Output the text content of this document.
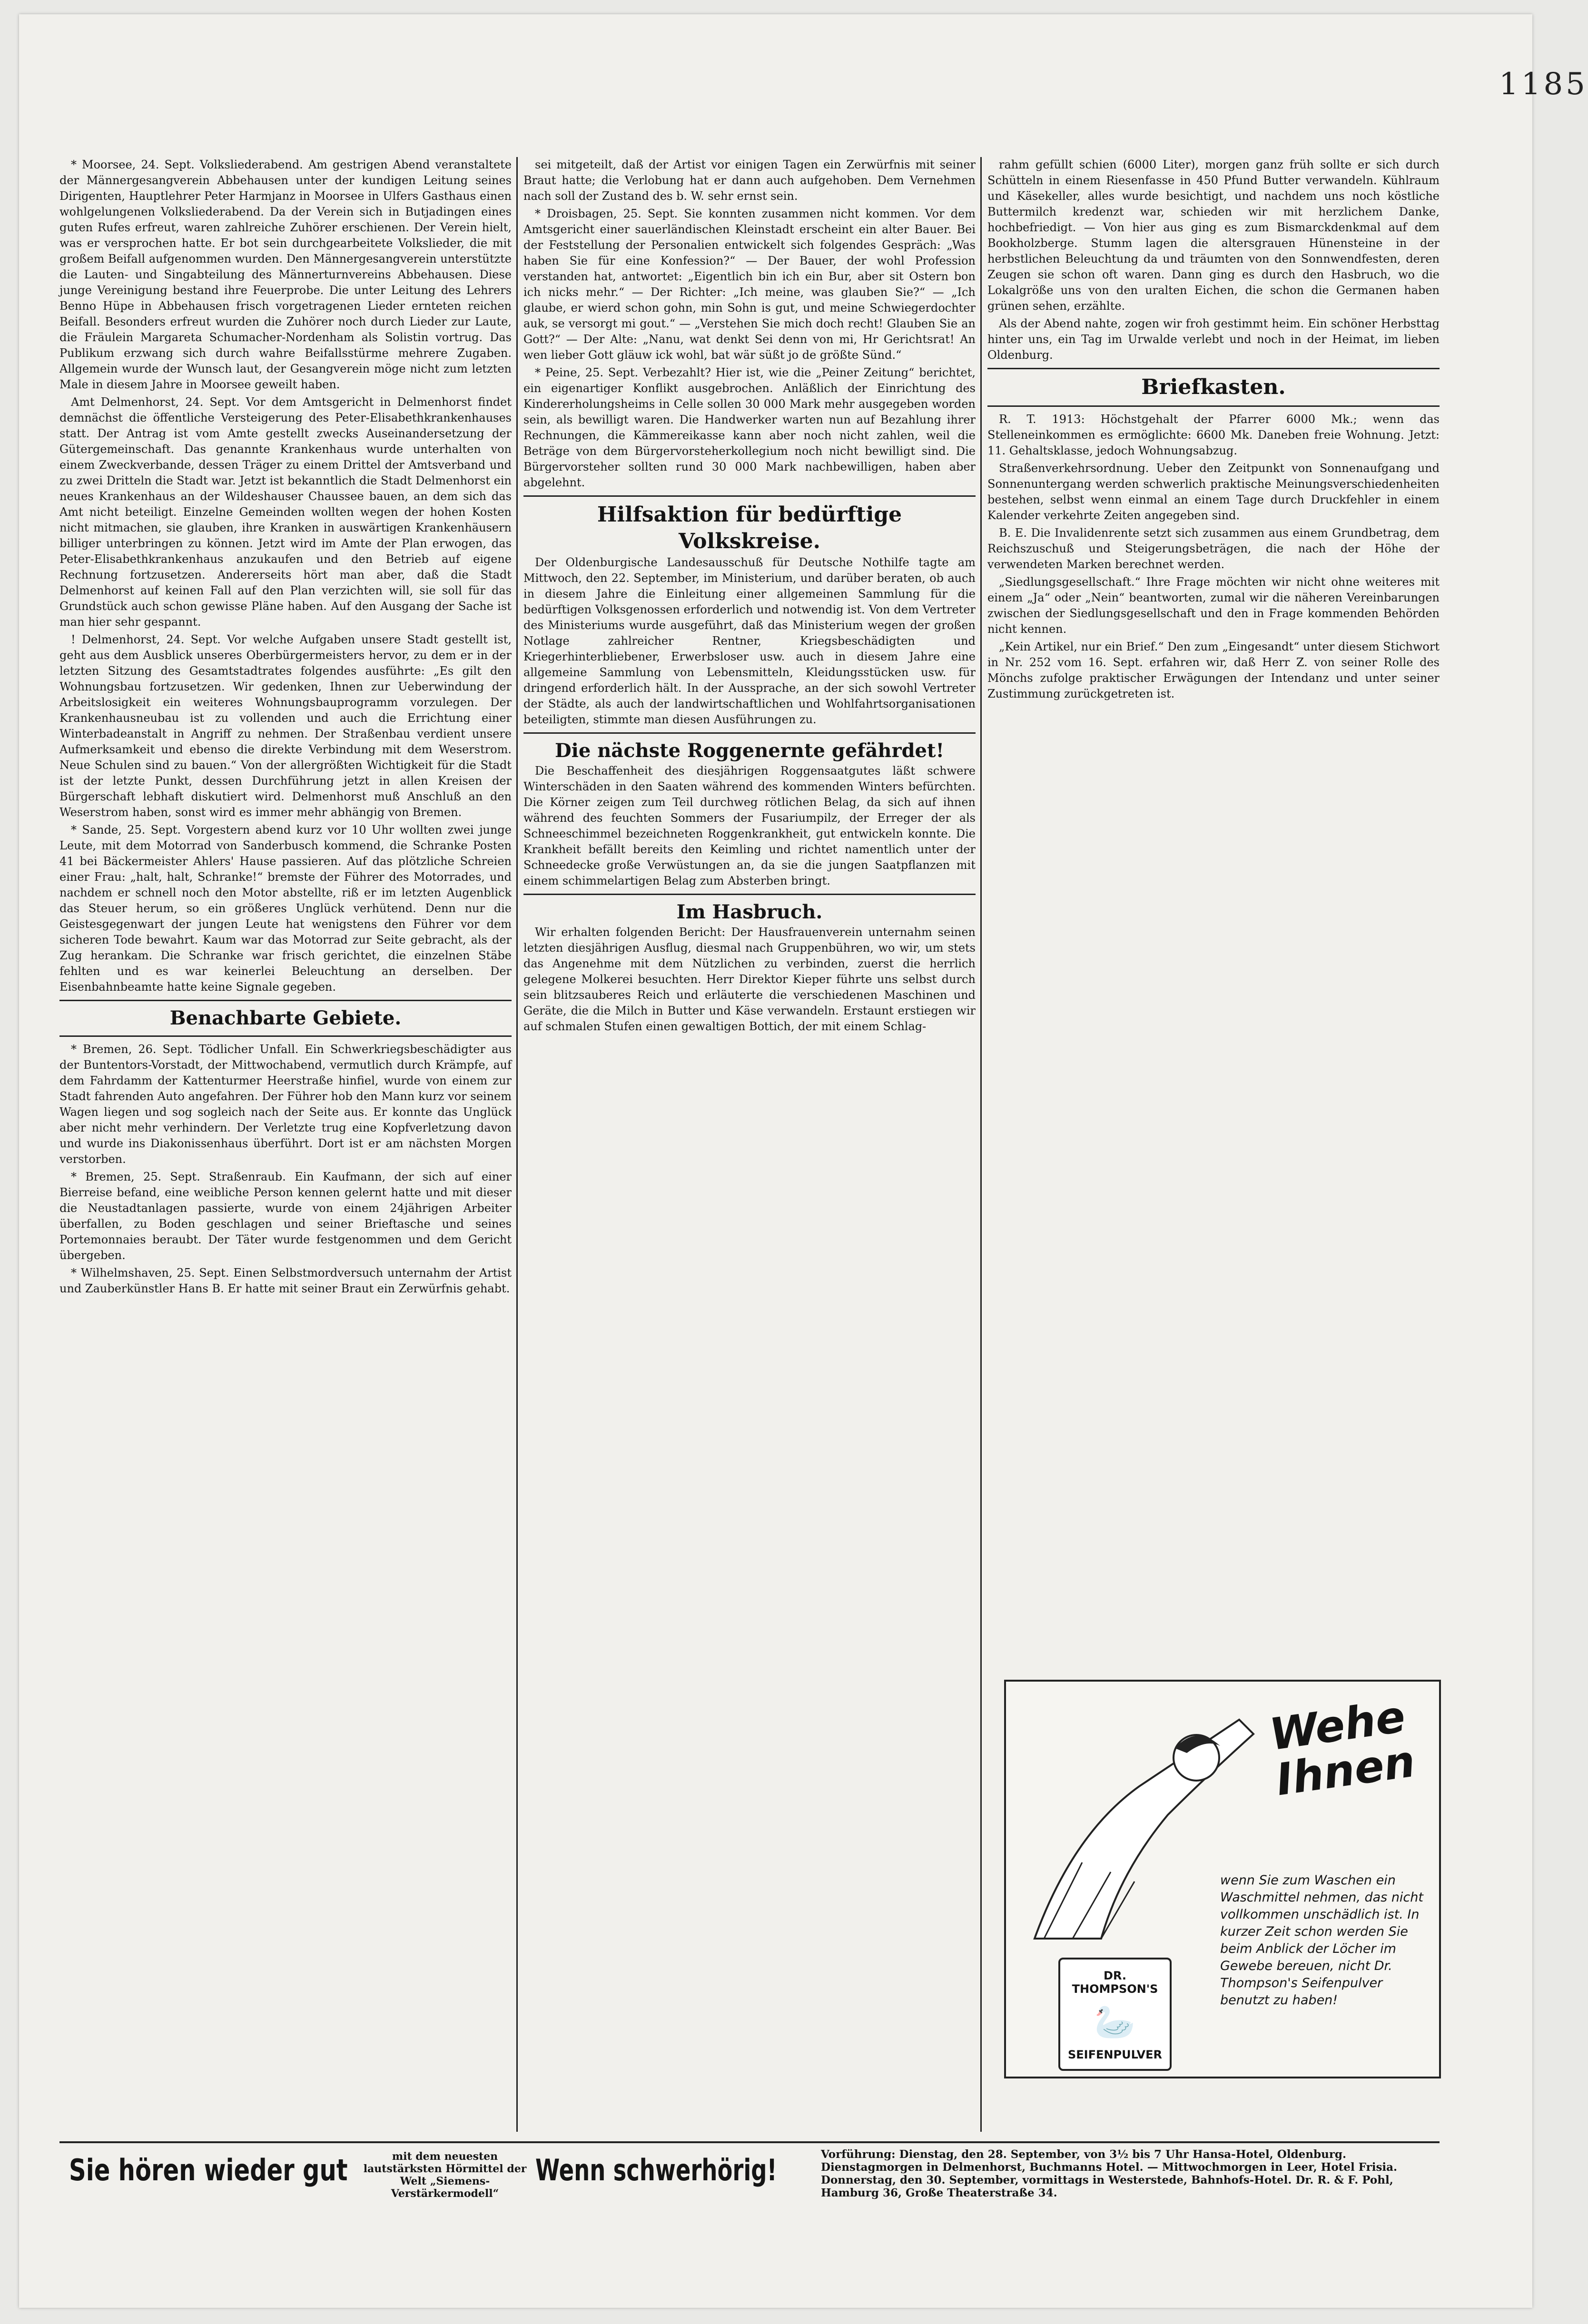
1185

* Moorsee, 24. Sept. Volksliederabend. Am gestrigen Abend veranstaltete der Männergesangverein Abbehausen unter der kundigen Leitung seines Dirigenten, Hauptlehrer Peter Harmjanz in Moorsee in Ulfers Gasthaus einen wohlgelungenen Volksliederabend. Da der Verein sich in Butjadingen eines guten Rufes erfreut, waren zahlreiche Zuhörer erschienen. Der Verein hielt, was er versprochen hatte. Er bot sein durchgearbeitete Volkslieder, die mit großem Beifall aufgenommen wurden. Den Männergesangverein unterstützte die Lauten- und Singabteilung des Männerturnvereins Abbehausen. Diese junge Vereinigung bestand ihre Feuerprobe. Die unter Leitung des Lehrers Benno Hüpe in Abbehausen frisch vorgetragenen Lieder ernteten reichen Beifall. Besonders erfreut wurden die Zuhörer noch durch Lieder zur Laute, die Fräulein Margareta Schumacher-Nordenham als Solistin vortrug. Das Publikum erzwang sich durch wahre Beifallsstürme mehrere Zugaben. Allgemein wurde der Wunsch laut, der Gesangverein möge nicht zum letzten Male in diesem Jahre in Moorsee geweilt haben.

Amt Delmenhorst, 24. Sept. Vor dem Amtsgericht in Delmenhorst findet demnächst die öffentliche Versteigerung des Peter-Elisabethkrankenhauses statt. Der Antrag ist vom Amte gestellt zwecks Auseinandersetzung der Gütergemeinschaft. Das genannte Krankenhaus wurde unterhalten von einem Zweckverbande, dessen Träger zu einem Drittel der Amtsverband und zu zwei Dritteln die Stadt war. Jetzt ist bekanntlich die Stadt Delmenhorst ein neues Krankenhaus an der Wildeshauser Chaussee bauen, an dem sich das Amt nicht beteiligt. Einzelne Gemeinden wollten wegen der hohen Kosten nicht mitmachen, sie glauben, ihre Kranken in auswärtigen Krankenhäusern billiger unterbringen zu können. Jetzt wird im Amte der Plan erwogen, das Peter-Elisabethkrankenhaus anzukaufen und den Betrieb auf eigene Rechnung fortzusetzen. Andererseits hört man aber, daß die Stadt Delmenhorst auf keinen Fall auf den Plan verzichten will, sie soll für das Grundstück auch schon gewisse Pläne haben. Auf den Ausgang der Sache ist man hier sehr gespannt.

! Delmenhorst, 24. Sept. Vor welche Aufgaben unsere Stadt gestellt ist, geht aus dem Ausblick unseres Oberbürgermeisters hervor, zu dem er in der letzten Sitzung des Gesamtstadtrates folgendes ausführte: „Es gilt den Wohnungsbau fortzusetzen. Wir gedenken, Ihnen zur Ueberwindung der Arbeitslosigkeit ein weiteres Wohnungsbauprogramm vorzulegen. Der Krankenhausneubau ist zu vollenden und auch die Errichtung einer Winterbadeanstalt in Angriff zu nehmen. Der Straßenbau verdient unsere Aufmerksamkeit und ebenso die direkte Verbindung mit dem Weserstrom. Neue Schulen sind zu bauen.“ Von der allergrößten Wichtigkeit für die Stadt ist der letzte Punkt, dessen Durchführung jetzt in allen Kreisen der Bürgerschaft lebhaft diskutiert wird. Delmenhorst muß Anschluß an den Weserstrom haben, sonst wird es immer mehr abhängig von Bremen.

* Sande, 25. Sept. Vorgestern abend kurz vor 10 Uhr wollten zwei junge Leute, mit dem Motorrad von Sanderbusch kommend, die Schranke Posten 41 bei Bäckermeister Ahlers' Hause passieren. Auf das plötzliche Schreien einer Frau: „halt, halt, Schranke!“ bremste der Führer des Motorrades, und nachdem er schnell noch den Motor abstellte, riß er im letzten Augenblick das Steuer herum, so ein größeres Unglück verhütend. Denn nur die Geistesgegenwart der jungen Leute hat wenigstens den Führer vor dem sicheren Tode bewahrt. Kaum war das Motorrad zur Seite gebracht, als der Zug herankam. Die Schranke war frisch gerichtet, die einzelnen Stäbe fehlten und es war keinerlei Beleuchtung an derselben. Der Eisenbahnbeamte hatte keine Signale gegeben.

Benachbarte Gebiete.

* Bremen, 26. Sept. Tödlicher Unfall. Ein Schwerkriegsbeschädigter aus der Buntentors-Vorstadt, der Mittwochabend, vermutlich durch Krämpfe, auf dem Fahrdamm der Kattenturmer Heerstraße hinfiel, wurde von einem zur Stadt fahrenden Auto angefahren. Der Führer hob den Mann kurz vor seinem Wagen liegen und sog sogleich nach der Seite aus. Er konnte das Unglück aber nicht mehr verhindern. Der Verletzte trug eine Kopfverletzung davon und wurde ins Diakonissenhaus überführt. Dort ist er am nächsten Morgen verstorben.

* Bremen, 25. Sept. Straßenraub. Ein Kaufmann, der sich auf einer Bierreise befand, eine weibliche Person kennen gelernt hatte und mit dieser die Neustadtanlagen passierte, wurde von einem 24jährigen Arbeiter überfallen, zu Boden geschlagen und seiner Brieftasche und seines Portemonnaies beraubt. Der Täter wurde festgenommen und dem Gericht übergeben.

* Wilhelmshaven, 25. Sept. Einen Selbstmordversuch unternahm der Artist und Zauberkünstler Hans B. Er hatte mit seiner Braut ein Zerwürfnis gehabt.

sei mitgeteilt, daß der Artist vor einigen Tagen ein Zerwürfnis mit seiner Braut hatte; die Verlobung hat er dann auch aufgehoben. Dem Vernehmen nach soll der Zustand des b. W. sehr ernst sein.

* Droisbagen, 25. Sept. Sie konnten zusammen nicht kommen. Vor dem Amtsgericht einer sauerländischen Kleinstadt erscheint ein alter Bauer. Bei der Feststellung der Personalien entwickelt sich folgendes Gespräch: „Was haben Sie für eine Konfession?“ — Der Bauer, der wohl Profession verstanden hat, antwortet: „Eigentlich bin ich ein Bur, aber sit Ostern bon ich nicks mehr.“ — Der Richter: „Ich meine, was glauben Sie?“ — „Ich glaube, er wierd schon gohn, min Sohn is gut, und meine Schwiegerdochter auk, se versorgt mi gout.“ — „Verstehen Sie mich doch recht! Glauben Sie an Gott?“ — Der Alte: „Nanu, wat denkt Sei denn von mi, Hr Gerichtsrat! An wen lieber Gott gläuw ick wohl, bat wär süßt jo de größte Sünd.“

* Peine, 25. Sept. Verbezahlt? Hier ist, wie die „Peiner Zeitung“ berichtet, ein eigenartiger Konflikt ausgebrochen. Anläßlich der Einrichtung des Kindererholungsheims in Celle sollen 30 000 Mark mehr ausgegeben worden sein, als bewilligt waren. Die Handwerker warten nun auf Bezahlung ihrer Rechnungen, die Kämmereikasse kann aber noch nicht zahlen, weil die Beträge von dem Bürgervorsteherkollegium noch nicht bewilligt sind. Die Bürgervorsteher sollten rund 30 000 Mark nachbewilligen, haben aber abgelehnt.

Hilfsaktion für bedürftige Volkskreise.

Der Oldenburgische Landesausschuß für Deutsche Nothilfe tagte am Mittwoch, den 22. September, im Ministerium, und darüber beraten, ob auch in diesem Jahre die Einleitung einer allgemeinen Sammlung für die bedürftigen Volksgenossen erforderlich und notwendig ist. Von dem Vertreter des Ministeriums wurde ausgeführt, daß das Ministerium wegen der großen Notlage zahlreicher Rentner, Kriegsbeschädigten und Kriegerhinterbliebener, Erwerbsloser usw. auch in diesem Jahre eine allgemeine Sammlung von Lebensmitteln, Kleidungsstücken usw. für dringend erforderlich hält. In der Aussprache, an der sich sowohl Vertreter der Städte, als auch der landwirtschaftlichen und Wohlfahrtsorganisationen beteiligten, stimmte man diesen Ausführungen zu.

Die nächste Roggenernte gefährdet!

Die Beschaffenheit des diesjährigen Roggensaatgutes läßt schwere Winterschäden in den Saaten während des kommenden Winters befürchten. Die Körner zeigen zum Teil durchweg rötlichen Belag, da sich auf ihnen während des feuchten Sommers der Fusariumpilz, der Erreger der als Schneeschimmel bezeichneten Roggenkrankheit, gut entwickeln konnte. Die Krankheit befällt bereits den Keimling und richtet namentlich unter der Schneedecke große Verwüstungen an, da sie die jungen Saatpflanzen mit einem schimmelartigen Belag zum Absterben bringt.

Im Hasbruch.

Wir erhalten folgenden Bericht: Der Hausfrauenverein unternahm seinen letzten diesjährigen Ausflug, diesmal nach Gruppenbühren, wo wir, um stets das Angenehme mit dem Nützlichen zu verbinden, zuerst die herrlich gelegene Molkerei besuchten. Herr Direktor Kieper führte uns selbst durch sein blitzsauberes Reich und erläuterte die verschiedenen Maschinen und Geräte, die die Milch in Butter und Käse verwandeln. Erstaunt erstiegen wir auf schmalen Stufen einen gewaltigen Bottich, der mit einem Schlag-

rahm gefüllt schien (6000 Liter), morgen ganz früh sollte er sich durch Schütteln in einem Riesenfasse in 450 Pfund Butter verwandeln. Kühlraum und Käsekeller, alles wurde besichtigt, und nachdem uns noch köstliche Buttermilch kredenzt war, schieden wir mit herzlichem Danke, hochbefriedigt. — Von hier aus ging es zum Bismarckdenkmal auf dem Bookholzberge. Stumm lagen die altersgrauen Hünensteine in der herbstlichen Beleuchtung da und träumten von den Sonnwendfesten, deren Zeugen sie schon oft waren. Dann ging es durch den Hasbruch, wo die Lokalgröße uns von den uralten Eichen, die schon die Germanen haben grünen sehen, erzählte.

Als der Abend nahte, zogen wir froh gestimmt heim. Ein schöner Herbsttag hinter uns, ein Tag im Urwalde verlebt und noch in der Heimat, im lieben Oldenburg.

Briefkasten.

R. T. 1913: Höchstgehalt der Pfarrer 6000 Mk.; wenn das Stelleneinkommen es ermöglichte: 6600 Mk. Daneben freie Wohnung. Jetzt: 11. Gehaltsklasse, jedoch Wohnungsabzug.

Straßenverkehrsordnung. Ueber den Zeitpunkt von Sonnenaufgang und Sonnenuntergang werden schwerlich praktische Meinungsverschiedenheiten bestehen, selbst wenn einmal an einem Tage durch Druckfehler in einem Kalender verkehrte Zeiten angegeben sind.

B. E. Die Invalidenrente setzt sich zusammen aus einem Grundbetrag, dem Reichszuschuß und Steigerungsbeträgen, die nach der Höhe der verwendeten Marken berechnet werden.

„Siedlungsgesellschaft.“ Ihre Frage möchten wir nicht ohne weiteres mit einem „Ja“ oder „Nein“ beantworten, zumal wir die näheren Vereinbarungen zwischen der Siedlungsgesellschaft und den in Frage kommenden Behörden nicht kennen.

„Kein Artikel, nur ein Brief.“ Den zum „Eingesandt“ unter diesem Stichwort in Nr. 252 vom 16. Sept. erfahren wir, daß Herr Z. von seiner Rolle des Mönchs zufolge praktischer Erwägungen der Intendanz und unter seiner Zustimmung zurückgetreten ist.

Wehe Ihnen
wenn Sie zum Waschen ein Waschmittel nehmen, das nicht vollkommen unschädlich ist. In kurzer Zeit schon werden Sie beim Anblick der Löcher im Gewebe bereuen, nicht Dr. Thompson's Seifenpulver benutzt zu haben!
DR. THOMPSON'S
🦢
SEIFENPULVER
Sie hören wieder gut	mit dem neuesten lautstärksten Hörmittel der Welt „Siemens-Verstärkermodell“
Wenn schwerhörig!	Vorführung: Dienstag, den 28. September, von 3½ bis 7 Uhr Hansa-Hotel, Oldenburg. Dienstagmorgen in Delmenhorst, Buchmanns Hotel. — Mittwochmorgen in Leer, Hotel Frisia. Donnerstag, den 30. September, vormittags in Westerstede, Bahnhofs-Hotel. Dr. R. & F. Pohl, Hamburg 36, Große Theaterstraße 34.
